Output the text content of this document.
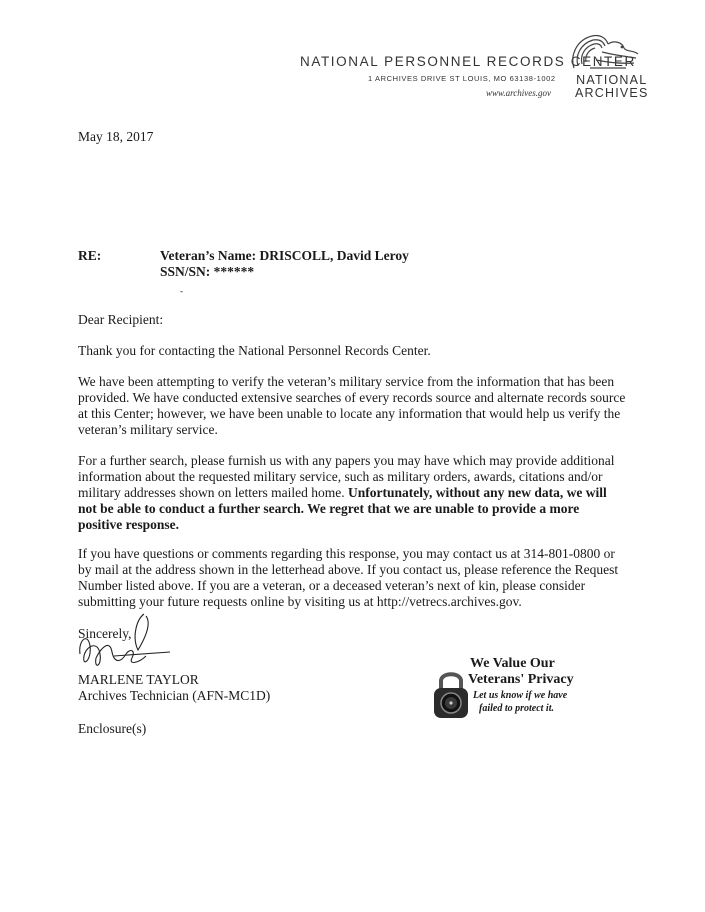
NATIONAL PERSONNEL RECORDS CENTER
1 ARCHIVES DRIVE ST LOUIS, MO 63138-1002
www.archives.gov
NATIONAL
ARCHIVES
May 18, 2017
RE:	Veteran’s Name: DRISCOLL, David Leroy
SSN/SN: ******
-
Dear Recipient:
Thank you for contacting the National Personnel Records Center.
We have been attempting to verify the veteran’s military service from the information that has been provided. We have conducted extensive searches of every records source and alternate records source at this Center; however, we have been unable to locate any information that would help us verify the veteran’s military service.
For a further search, please furnish us with any papers you may have which may provide additional information about the requested military service, such as military orders, awards, citations and/or military addresses shown on letters mailed home. Unfortunately, without any new data, we will not be able to conduct a further search. We regret that we are unable to provide a more positive response.
If you have questions or comments regarding this response, you may contact us at 314-801-0800 or by mail at the address shown in the letterhead above. If you contact us, please reference the Request Number listed above. If you are a veteran, or a deceased veteran’s next of kin, please consider submitting your future requests online by visiting us at http://vetrecs.archives.gov.
Sincerely,
MARLENE TAYLOR
Archives Technician (AFN-MC1D)
Enclosure(s)
We Value Our
Veterans' Privacy
Let us know if we have
failed to protect it.
